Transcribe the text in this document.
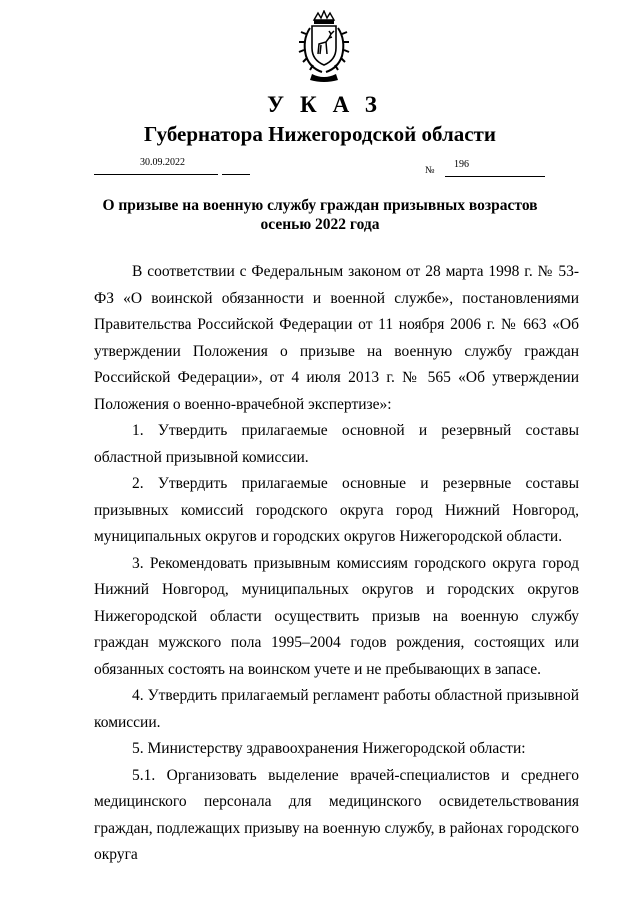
УКАЗ
Губернатора Нижегородской области
30.09.2022
№
196
О призыве на военную службу граждан призывных возрастов
осенью 2022 года

В соответствии с Федеральным законом от 28 марта 1998 г. № 53-ФЗ «О воинской обязанности и военной службе», постановлениями Правительства Российской Федерации от 11 ноября 2006 г. № 663 «Об утверждении Положения о призыве на военную службу граждан Российской Федерации», от 4 июля 2013 г. № 565 «Об утверждении Положения о военно-врачебной экспертизе»:

1. Утвердить прилагаемые основной и резервный составы областной призывной комиссии.

2. Утвердить прилагаемые основные и резервные составы призывных комиссий городского округа город Нижний Новгород, муниципальных округов и городских округов Нижегородской области.

3. Рекомендовать призывным комиссиям городского округа город Нижний Новгород, муниципальных округов и городских округов Нижегородской области осуществить призыв на военную службу граждан мужского пола 1995–2004 годов рождения, состоящих или обязанных состоять на воинском учете и не пребывающих в запасе.

4. Утвердить прилагаемый регламент работы областной призывной комиссии.

5. Министерству здравоохранения Нижегородской области:

5.1. Организовать выделение врачей-специалистов и среднего медицинского персонала для медицинского освидетельствования граждан, подлежащих призыву на военную службу, в районах городского округа
